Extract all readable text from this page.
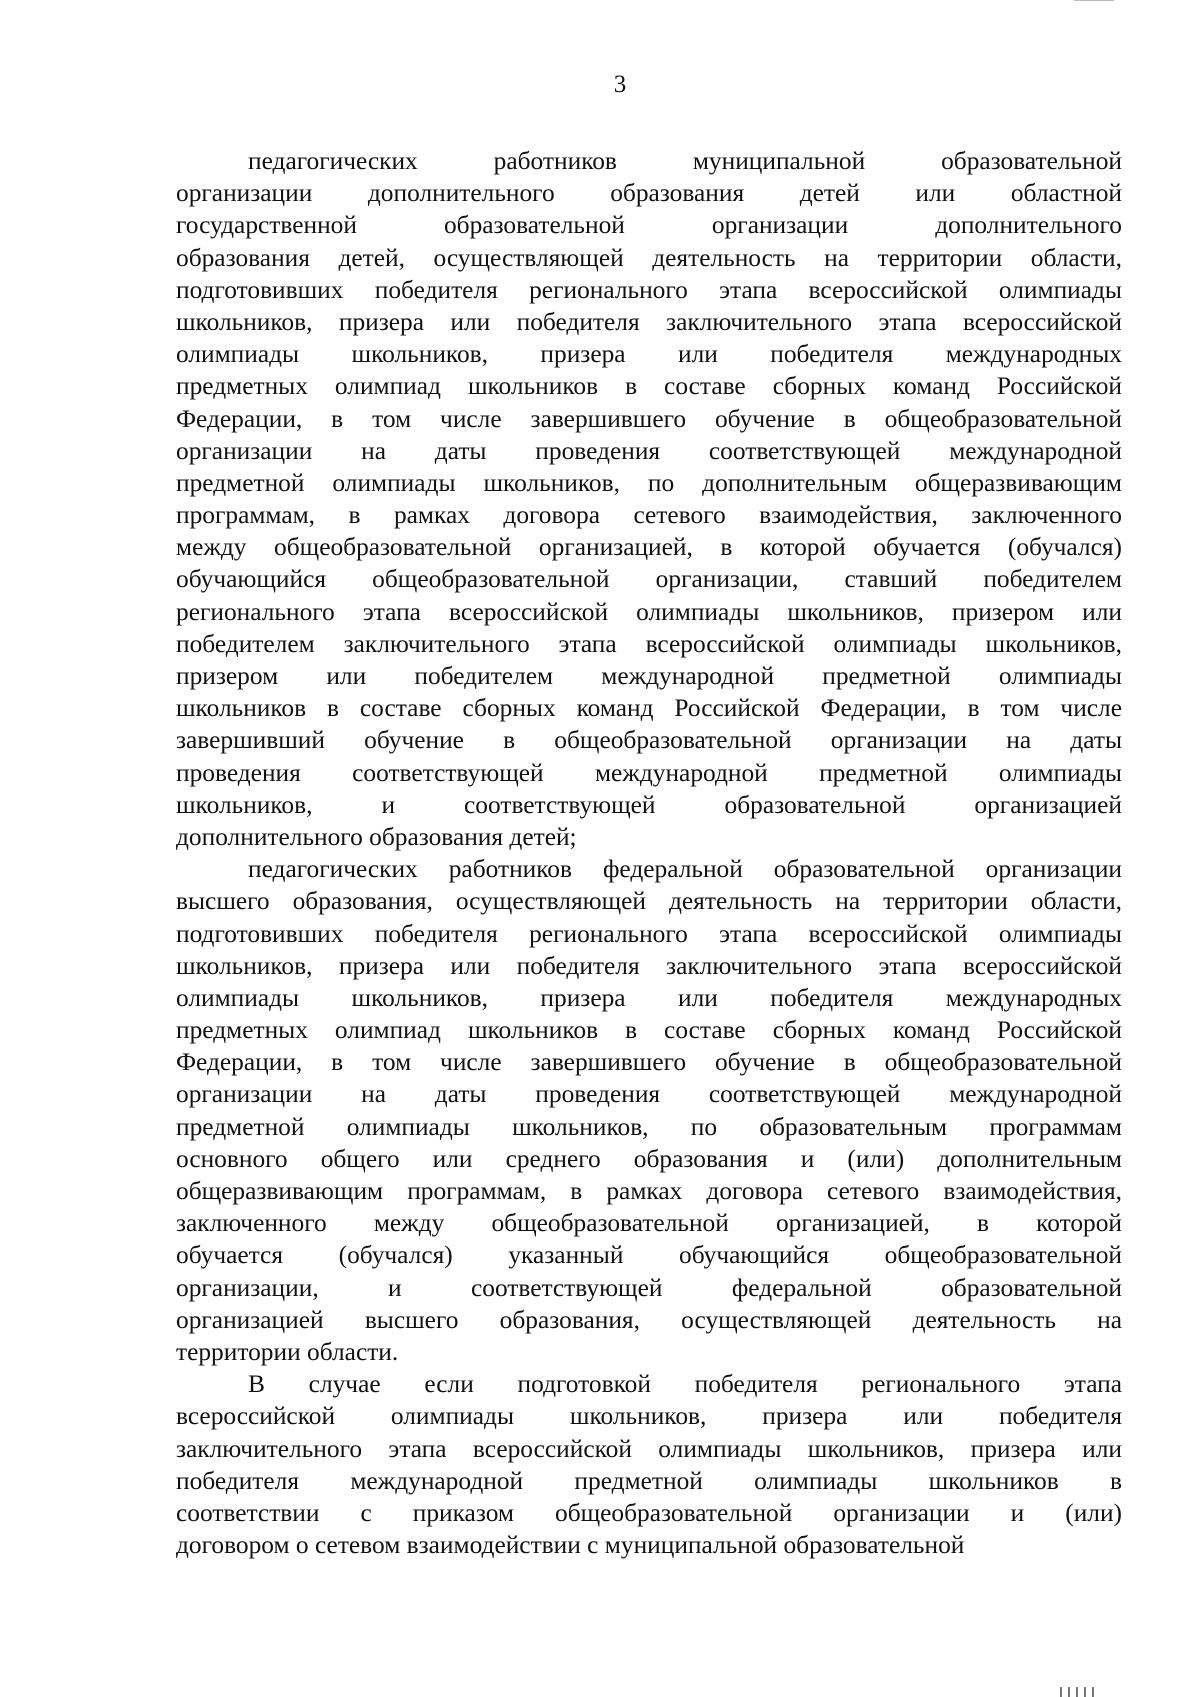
3
педагогических работников муниципальной образовательной
организации дополнительного образования детей или областной
государственной образовательной организации дополнительного
образования детей, осуществляющей деятельность на территории области,
подготовивших победителя регионального этапа всероссийской олимпиады
школьников, призера или победителя заключительного этапа всероссийской
олимпиады школьников, призера или победителя международных
предметных олимпиад школьников в составе сборных команд Российской
Федерации, в том числе завершившего обучение в общеобразовательной
организации на даты проведения соответствующей международной
предметной олимпиады школьников, по дополнительным общеразвивающим
программам, в рамках договора сетевого взаимодействия, заключенного
между общеобразовательной организацией, в которой обучается (обучался)
обучающийся общеобразовательной организации, ставший победителем
регионального этапа всероссийской олимпиады школьников, призером или
победителем заключительного этапа всероссийской олимпиады школьников,
призером или победителем международной предметной олимпиады
школьников в составе сборных команд Российской Федерации, в том числе
завершивший обучение в общеобразовательной организации на даты
проведения соответствующей международной предметной олимпиады
школьников, и соответствующей образовательной организацией
дополнительного образования детей;
педагогических работников федеральной образовательной организации
высшего образования, осуществляющей деятельность на территории области,
подготовивших победителя регионального этапа всероссийской олимпиады
школьников, призера или победителя заключительного этапа всероссийской
олимпиады школьников, призера или победителя международных
предметных олимпиад школьников в составе сборных команд Российской
Федерации, в том числе завершившего обучение в общеобразовательной
организации на даты проведения соответствующей международной
предметной олимпиады школьников, по образовательным программам
основного общего или среднего образования и (или) дополнительным
общеразвивающим программам, в рамках договора сетевого взаимодействия,
заключенного между общеобразовательной организацией, в которой
обучается (обучался) указанный обучающийся общеобразовательной
организации, и соответствующей федеральной образовательной
организацией высшего образования, осуществляющей деятельность на
территории области.
В случае если подготовкой победителя регионального этапа
всероссийской олимпиады школьников, призера или победителя
заключительного этапа всероссийской олимпиады школьников, призера или
победителя международной предметной олимпиады школьников в
соответствии с приказом общеобразовательной организации и (или)
договором о сетевом взаимодействии с муниципальной образовательной
